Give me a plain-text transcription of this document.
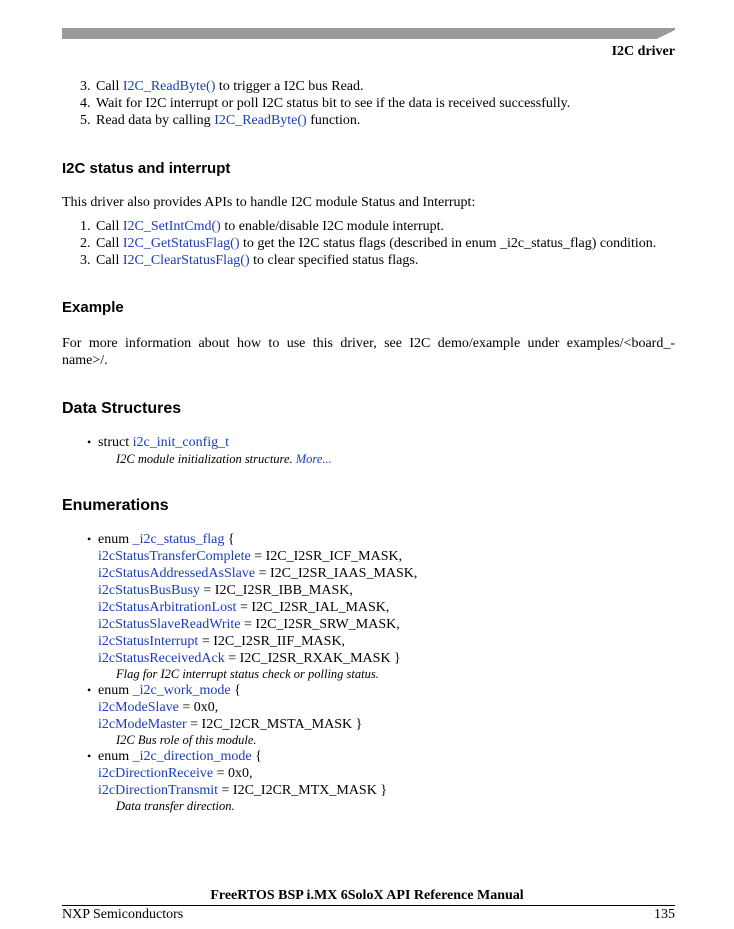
I2C driver
3. Call I2C_ReadByte() to trigger a I2C bus Read.
4. Wait for I2C interrupt or poll I2C status bit to see if the data is received successfully.
5. Read data by calling I2C_ReadByte() function.
I2C status and interrupt
This driver also provides APIs to handle I2C module Status and Interrupt:
1. Call I2C_SetIntCmd() to enable/disable I2C module interrupt.
2. Call I2C_GetStatusFlag() to get the I2C status flags (described in enum _i2c_status_flag) condition.
3. Call I2C_ClearStatusFlag() to clear specified status flags.
Example
For more information about how to use this driver, see I2C demo/example under examples/<board_-
name>/.
Data Structures
• struct i2c_init_config_t
I2C module initialization structure. More...
Enumerations
• enum _i2c_status_flag {
i2cStatusTransferComplete = I2C_I2SR_ICF_MASK,
i2cStatusAddressedAsSlave = I2C_I2SR_IAAS_MASK,
i2cStatusBusBusy = I2C_I2SR_IBB_MASK,
i2cStatusArbitrationLost = I2C_I2SR_IAL_MASK,
i2cStatusSlaveReadWrite = I2C_I2SR_SRW_MASK,
i2cStatusInterrupt = I2C_I2SR_IIF_MASK,
i2cStatusReceivedAck = I2C_I2SR_RXAK_MASK }
Flag for I2C interrupt status check or polling status.
• enum _i2c_work_mode {
i2cModeSlave = 0x0,
i2cModeMaster = I2C_I2CR_MSTA_MASK }
I2C Bus role of this module.
• enum _i2c_direction_mode {
i2cDirectionReceive = 0x0,
i2cDirectionTransmit = I2C_I2CR_MTX_MASK }
Data transfer direction.
FreeRTOS BSP i.MX 6SoloX API Reference Manual
NXP Semiconductors	135
